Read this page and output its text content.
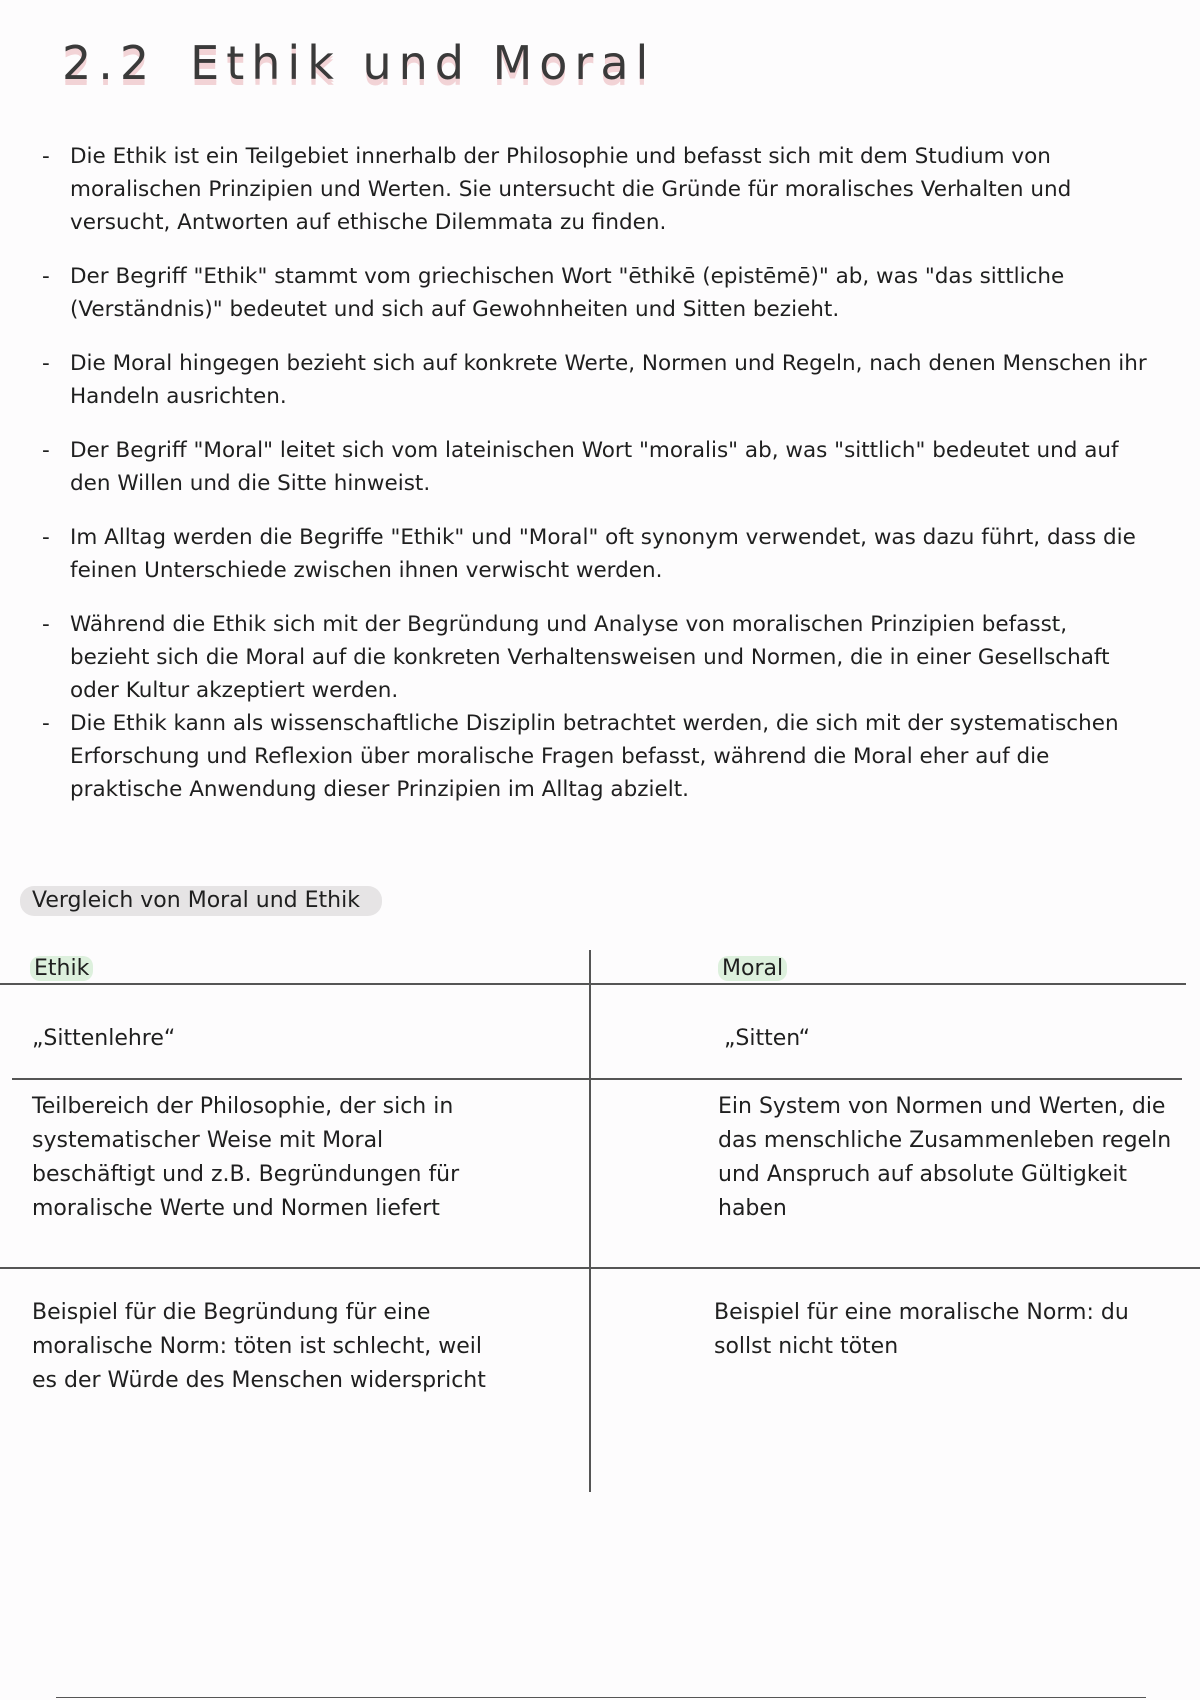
2.2 Ethik und Moral
- Die Ethik ist ein Teilgebiet innerhalb der Philosophie und befasst sich mit dem Studium von moralischen Prinzipien und Werten. Sie untersucht die Gründe für moralisches Verhalten und versucht, Antworten auf ethische Dilemmata zu finden.
- Der Begriff "Ethik" stammt vom griechischen Wort "ēthikē (epistēmē)" ab, was "das sittliche (Verständnis)" bedeutet und sich auf Gewohnheiten und Sitten bezieht.
- Die Moral hingegen bezieht sich auf konkrete Werte, Normen und Regeln, nach denen Menschen ihr Handeln ausrichten.
- Der Begriff "Moral" leitet sich vom lateinischen Wort "moralis" ab, was "sittlich" bedeutet und auf den Willen und die Sitte hinweist.
- Im Alltag werden die Begriffe "Ethik" und "Moral" oft synonym verwendet, was dazu führt, dass die feinen Unterschiede zwischen ihnen verwischt werden.
- Während die Ethik sich mit der Begründung und Analyse von moralischen Prinzipien befasst, bezieht sich die Moral auf die konkreten Verhaltensweisen und Normen, die in einer Gesellschaft oder Kultur akzeptiert werden.
- Die Ethik kann als wissenschaftliche Disziplin betrachtet werden, die sich mit der systematischen Erforschung und Reflexion über moralische Fragen befasst, während die Moral eher auf die praktische Anwendung dieser Prinzipien im Alltag abzielt.
Vergleich von Moral und Ethik
Ethik	Moral
„Sittenlehre“	„Sitten“
Teilbereich der Philosophie, der sich in systematischer Weise mit Moral beschäftigt und z.B. Begründungen für moralische Werte und Normen liefert
Ein System von Normen und Werten, die das menschliche Zusammenleben regeln und Anspruch auf absolute Gültigkeit haben
Beispiel für die Begründung für eine moralische Norm: töten ist schlecht, weil es der Würde des Menschen widerspricht
Beispiel für eine moralische Norm: du sollst nicht töten
